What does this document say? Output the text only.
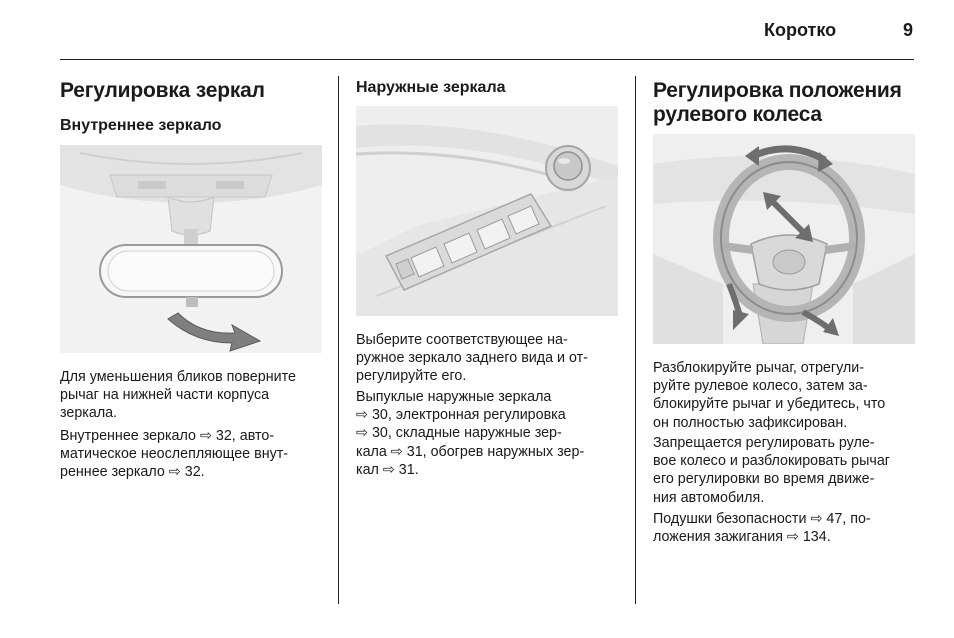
Коротко	9
Регулировка зеркал
Внутреннее зеркало

Для уменьшения бликов поверните
рычаг на нижней части корпуса
зеркала.

Внутреннее зеркало ⇨ 32, авто-
матическое неослепляющее внут-
реннее зеркало ⇨ 32.

Наружные зеркала

Выберите соответствующее на-
ружное зеркало заднего вида и от-
регулируйте его.

Выпуклые наружные зеркала
⇨ 30, электронная регулировка
⇨ 30, складные наружные зер-
кала ⇨ 31, обогрев наружных зер-
кал ⇨ 31.

Регулировка положения
рулевого колеса

Разблокируйте рычаг, отрегули-
руйте рулевое колесо, затем за-
блокируйте рычаг и убедитесь, что
он полностью зафиксирован.

Запрещается регулировать руле-
вое колесо и разблокировать рычаг
его регулировки во время движе-
ния автомобиля.

Подушки безопасности ⇨ 47, по-
ложения зажигания ⇨ 134.
